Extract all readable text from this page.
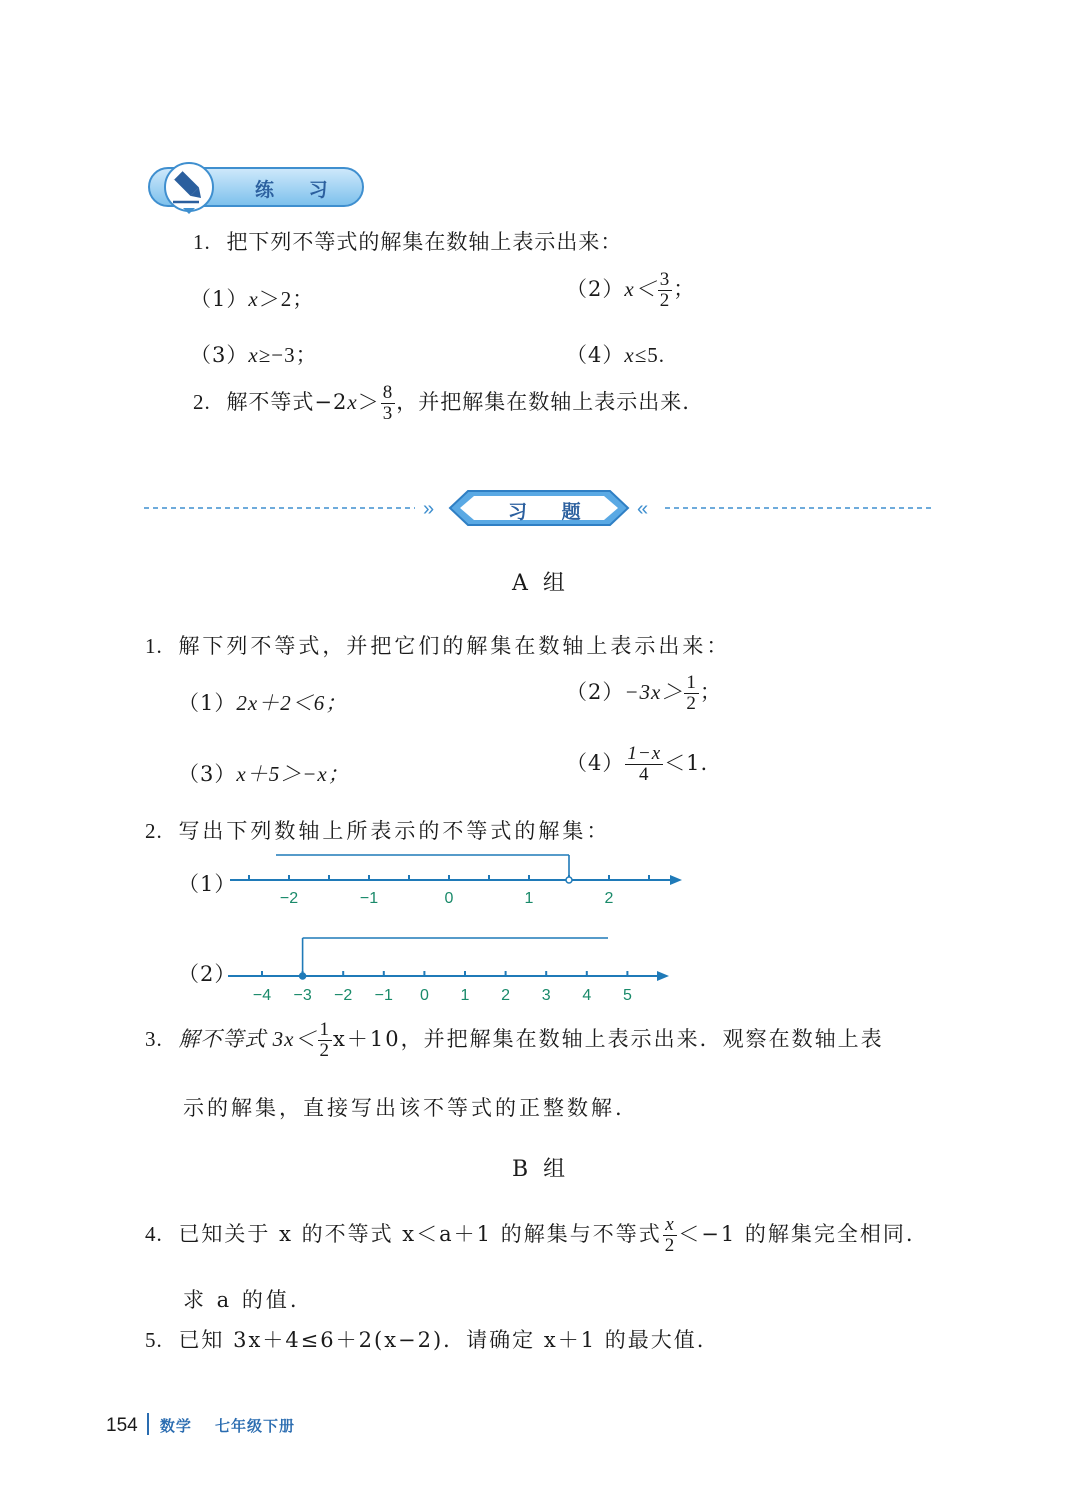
练 习
1. 把下列不等式的解集在数轴上表示出来：
（1）x＞2；	$(2)x< \frac{3}{2}$ ；
（3）x≥−3；	（4）x≤5.
2. 解不等式$-2x> \frac{8}{3}$ ，并把解集在数轴上表示出来.
»	«
习 题
A 组
1. 解下列不等式，并把它们的解集在数轴上表示出来：
（1）2x＋2＜6；	$(2)-3x> \frac{1}{2}$ ；
（3）x＋5＞−x；	$(4) \frac{1-x}{4} <1$.
2. 写出下列数轴上所表示的不等式的解集：
（1）
−2	−1	0	1	2
（2）
−4 −3 −2 −1 0 1 2 3 4 5
3. 解不等式 $3x< \frac{1}{2} x+10$，并把解集在数轴上表示出来．观察在数轴上表
示的解集，直接写出该不等式的正整数解.
B 组
4. 已知关于 x 的不等式 x＜a＋1 的解集与不等式 $\frac{x}{2} <-1$ 的解集完全相同.
求 a 的值.
5. 已知 3x＋4≤6＋2(x−2)．请确定 x＋1 的最大值.
154 数学 七年级下册
